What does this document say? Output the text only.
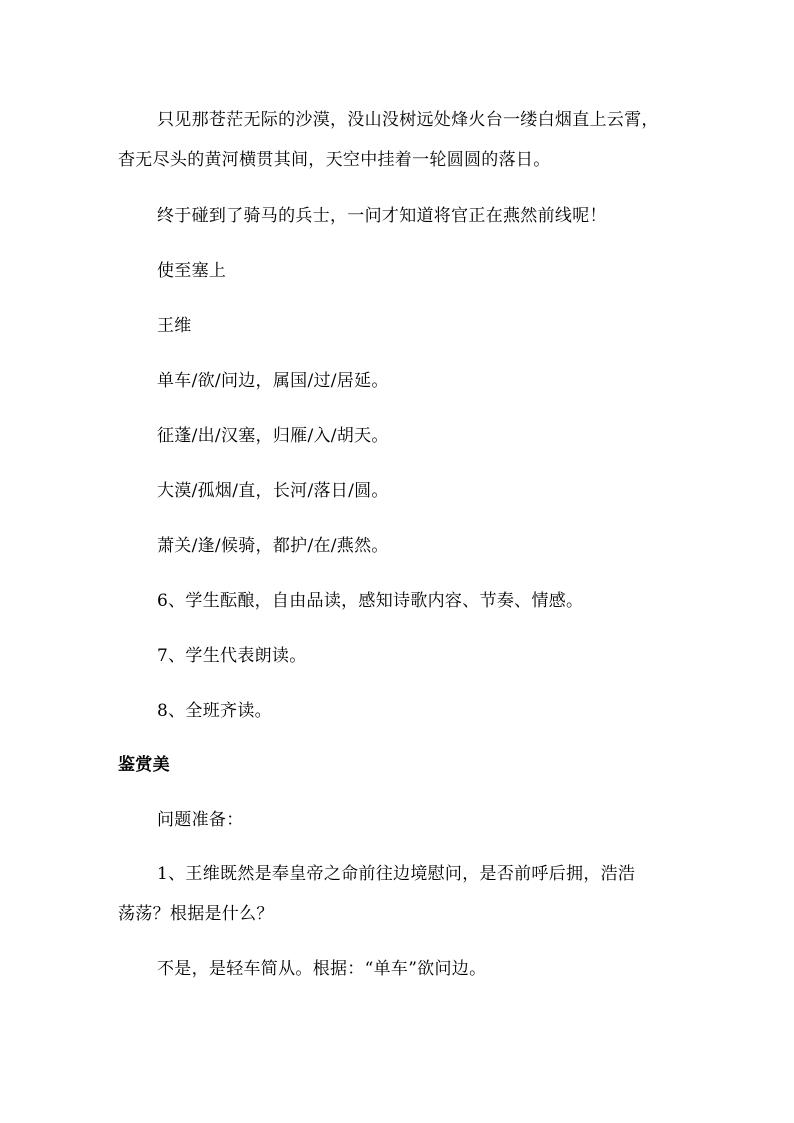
只见那苍茫无际的沙漠，没山没树远处烽火台一缕白烟直上云霄，
杳无尽头的黄河横贯其间，天空中挂着一轮圆圆的落日。
终于碰到了骑马的兵士，一问才知道将官正在燕然前线呢！
使至塞上
王维
单车/欲/问边，属国/过/居延。
征蓬/出/汉塞，归雁/入/胡天。
大漠/孤烟/直，长河/落日/圆。
萧关/逢/候骑，都护/在/燕然。
6、学生酝酿，自由品读，感知诗歌内容、节奏、情感。
7、学生代表朗读。
8、全班齐读。
鉴赏美
问题准备：
1、王维既然是奉皇帝之命前往边境慰问，是否前呼后拥，浩浩
荡荡？根据是什么？
不是，是轻车简从。根据：“单车”欲问边。
